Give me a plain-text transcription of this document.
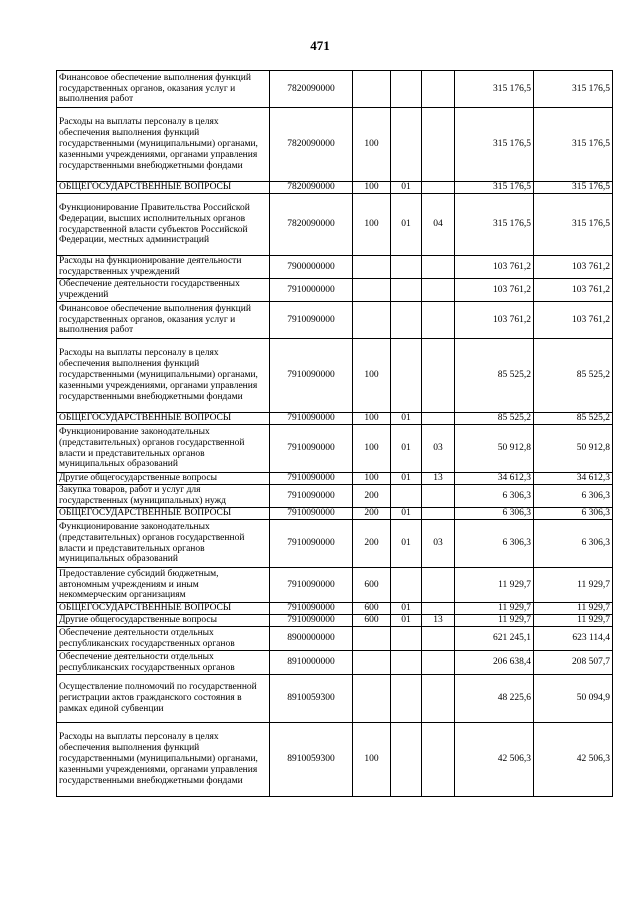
471
Финансовое обеспечение выполнения функций государственных органов, оказания услуг и выполнения работ	7820090000				315 176,5	315 176,5
Расходы на выплаты персоналу в целях обеспечения выполнения функций государственными (муниципальными) органами, казенными учреждениями, органами управления государственными внебюджетными фондами	7820090000	100			315 176,5	315 176,5
ОБЩЕГОСУДАРСТВЕННЫЕ ВОПРОСЫ	7820090000	100	01		315 176,5	315 176,5
Функционирование Правительства Российской Федерации, высших исполнительных органов государственной власти субъектов Российской Федерации, местных администраций	7820090000	100	01	04	315 176,5	315 176,5
Расходы на функционирование деятельности государственных учреждений	7900000000				103 761,2	103 761,2
Обеспечение деятельности государственных учреждений	7910000000				103 761,2	103 761,2
Финансовое обеспечение выполнения функций государственных органов, оказания услуг и выполнения работ	7910090000				103 761,2	103 761,2
Расходы на выплаты персоналу в целях обеспечения выполнения функций государственными (муниципальными) органами, казенными учреждениями, органами управления государственными внебюджетными фондами	7910090000	100			85 525,2	85 525,2
ОБЩЕГОСУДАРСТВЕННЫЕ ВОПРОСЫ	7910090000	100	01		85 525,2	85 525,2
Функционирование законодательных (представительных) органов государственной власти и представительных органов муниципальных образований	7910090000	100	01	03	50 912,8	50 912,8
Другие общегосударственные вопросы	7910090000	100	01	13	34 612,3	34 612,3
Закупка товаров, работ и услуг для государственных (муниципальных) нужд	7910090000	200			6 306,3	6 306,3
ОБЩЕГОСУДАРСТВЕННЫЕ ВОПРОСЫ	7910090000	200	01		6 306,3	6 306,3
Функционирование законодательных (представительных) органов государственной власти и представительных органов муниципальных образований	7910090000	200	01	03	6 306,3	6 306,3
Предоставление субсидий бюджетным, автономным учреждениям и иным некоммерческим организациям	7910090000	600			11 929,7	11 929,7
ОБЩЕГОСУДАРСТВЕННЫЕ ВОПРОСЫ	7910090000	600	01		11 929,7	11 929,7
Другие общегосударственные вопросы	7910090000	600	01	13	11 929,7	11 929,7
Обеспечение деятельности отдельных республиканских государственных органов	8900000000				621 245,1	623 114,4
Обеспечение деятельности отдельных республиканских государственных органов	8910000000				206 638,4	208 507,7
Осуществление полномочий по государственной регистрации актов гражданского состояния в рамках единой субвенции	8910059300				48 225,6	50 094,9
Расходы на выплаты персоналу в целях обеспечения выполнения функций государственными (муниципальными) органами, казенными учреждениями, органами управления государственными внебюджетными фондами	8910059300	100			42 506,3	42 506,3
